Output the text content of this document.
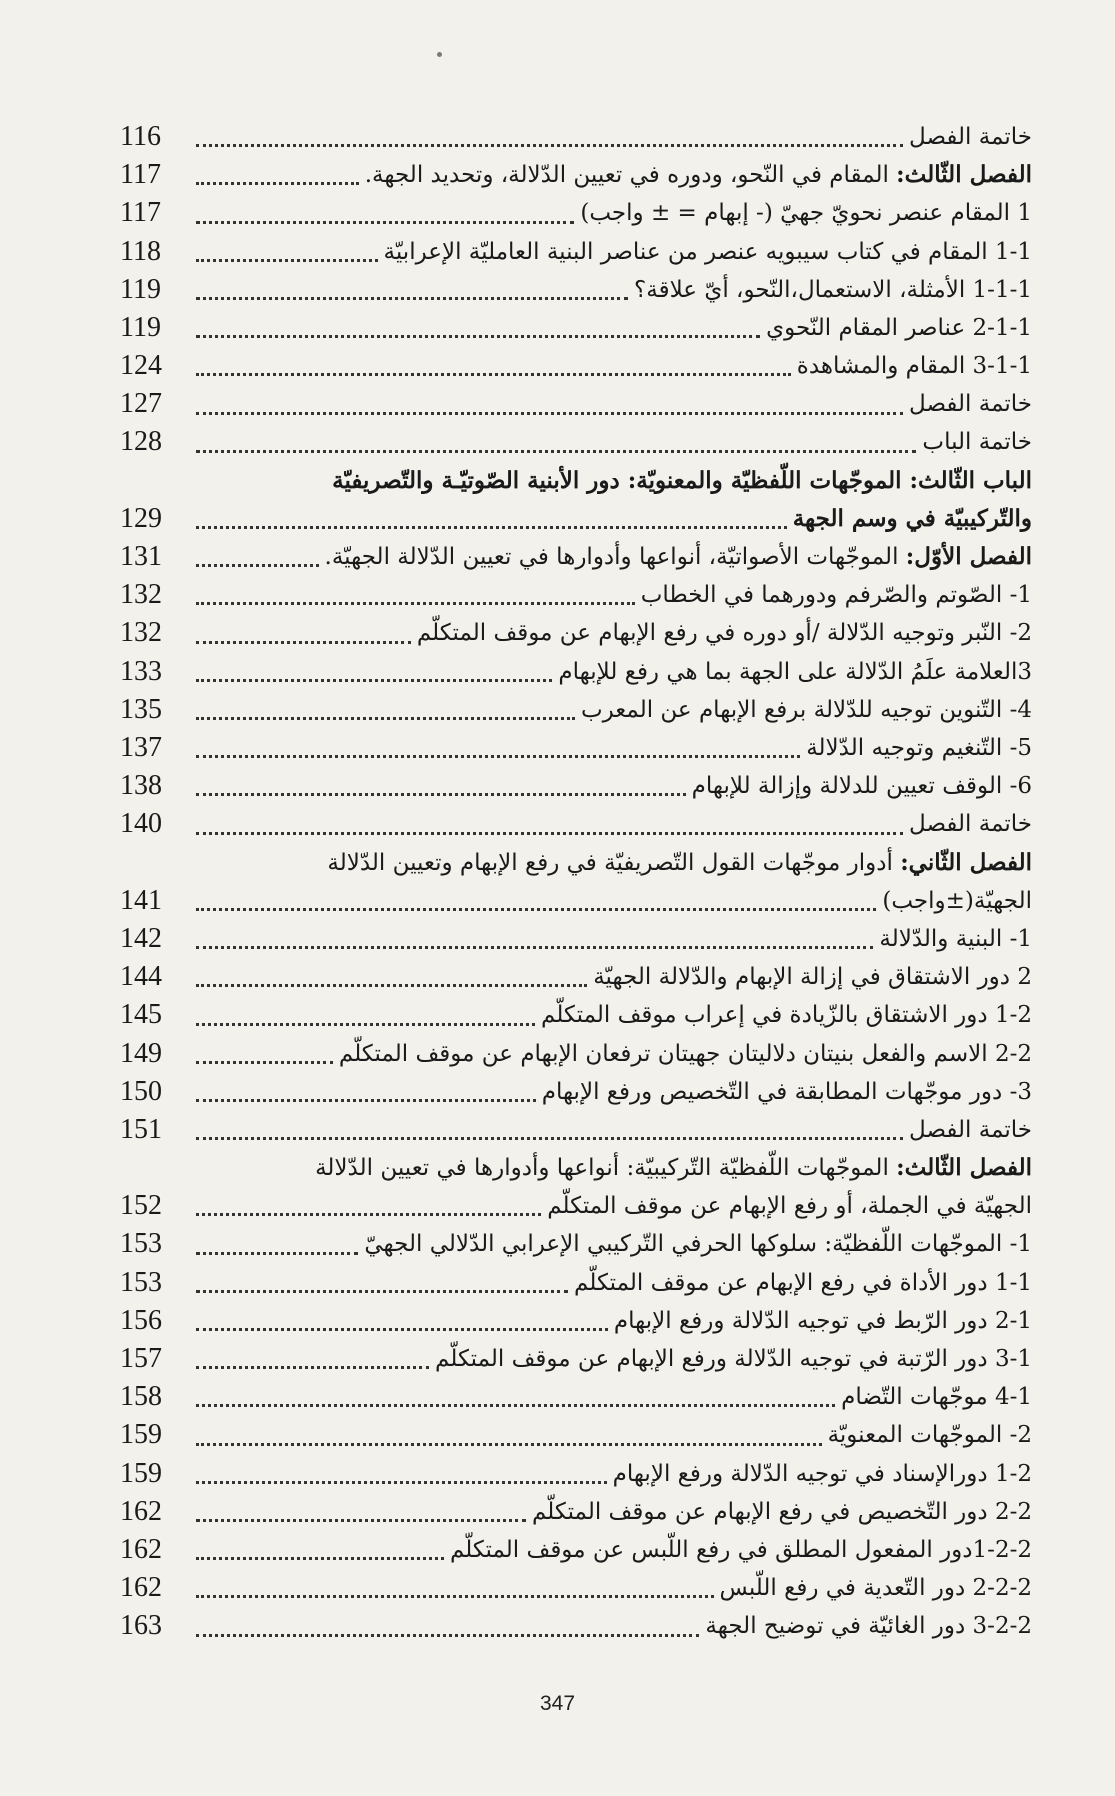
خاتمة الفصل
116
الفصل الثّالث: المقام في النّحو، ودوره في تعيين الدّلالة، وتحديد الجهة.
117
1 المقام عنصر نحويّ جهيّ (- إبهام = ± واجب)
117
1-1 المقام في كتاب سيبويه عنصر من عناصر البنية العامليّة الإعرابيّة
118
1-1-1 الأمثلة، الاستعمال،النّحو، أيّ علاقة؟
119
2-1-1 عناصر المقام النّحوي
119
3-1-1 المقام والمشاهدة
124
خاتمة الفصل
127
خاتمة الباب
128
الباب الثّالث: الموجّهات اللّفظيّة والمعنويّة: دور الأبنية الصّوتيّـة والتّصريفيّة
والتّركيبيّة في وسم الجهة
129
الفصل الأوّل: الموجّهات الأصواتيّة، أنواعها وأدوارها في تعيين الدّلالة الجهيّة.
131
1- الصّوتم والصّرفم ودورهما في الخطاب
132
2- النّبر وتوجيه الدّلالة /أو دوره في رفع الإبهام عن موقف المتكلّم
132
3العلامة علَمُ الدّلالة على الجهة بما هي رفع للإبهام
133
4- التّنوين توجيه للدّلالة برفع الإبهام عن المعرب
135
5- التّنغيم وتوجيه الدّلالة
137
6- الوقف تعيين للدلالة وإزالة للإبهام
138
خاتمة الفصل
140
الفصل الثّاني: أدوار موجّهات القول التّصريفيّة في رفع الإبهام وتعيين الدّلالة
الجهيّة(±واجب)
141
1- البنية والدّلالة
142
2 دور الاشتقاق في إزالة الإبهام والدّلالة الجهيّة
144
1-2 دور الاشتقاق بالزّيادة في إعراب موقف المتكلّم
145
2-2 الاسم والفعل بنيتان دلاليتان جهيتان ترفعان الإبهام عن موقف المتكلّم
149
3- دور موجّهات المطابقة في التّخصيص ورفع الإبهام
150
خاتمة الفصل
151
الفصل الثّالث: الموجّهات اللّفظيّة التّركيبيّة: أنواعها وأدوارها في تعيين الدّلالة
الجهيّة في الجملة، أو رفع الإبهام عن موقف المتكلّم
152
1- الموجّهات اللّفظيّة: سلوكها الحرفي التّركيبي الإعرابي الدّلالي الجهيّ
153
1-1 دور الأداة في رفع الإبهام عن موقف المتكلّم
153
2-1 دور الرّبط في توجيه الدّلالة ورفع الإبهام
156
3-1 دور الرّتبة في توجيه الدّلالة ورفع الإبهام عن موقف المتكلّم
157
4-1 موجّهات التّضام
158
2- الموجّهات المعنويّة
159
1-2 دورالإسناد في توجيه الدّلالة ورفع الإبهام
159
2-2 دور التّخصيص في رفع الإبهام عن موقف المتكلّم
162
1-2-2دور المفعول المطلق في رفع اللّبس عن موقف المتكلّم
162
2-2-2 دور التّعدية في رفع اللّبس
162
3-2-2 دور الغائيّة في توضيح الجهة
163
347
